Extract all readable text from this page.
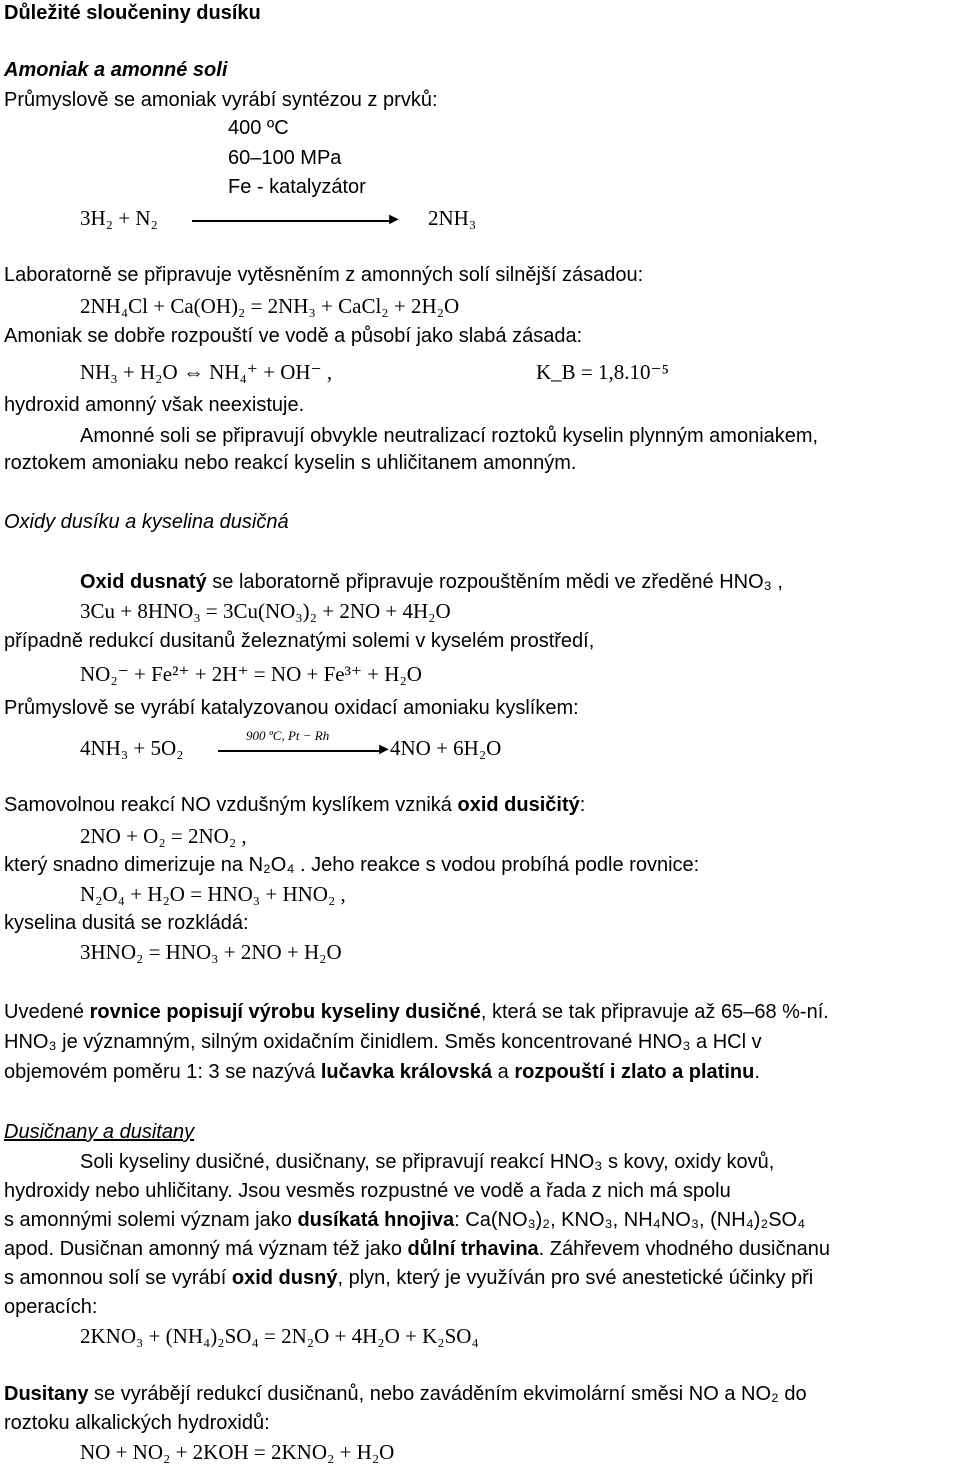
Důležité sloučeniny dusíku
Amoniak a amonné soli
Průmyslově se amoniak vyrábí syntézou z prvků:
400 ºC
60–100 MPa
Fe - katalyzátor
3H₂ + N₂	► 2NH₃
Laboratorně se připravuje vytěsněním z amonných solí silnější zásadou:
2NH₄Cl + Ca(OH)₂ = 2NH₃ + CaCl₂ + 2H₂O
Amoniak se dobře rozpouští ve vodě a působí jako slabá zásada:
NH₃ + H₂O ⇔ NH₄⁺ + OH⁻ ,	K_B = 1,8.10⁻⁵
hydroxid amonný však neexistuje.
Amonné soli se připravují obvykle neutralizací roztoků kyselin plynným amoniakem,
roztokem amoniaku nebo reakcí kyselin s uhličitanem amonným.
Oxidy dusíku a kyselina dusičná
Oxid dusnatý se laboratorně připravuje rozpouštěním mědi ve zředěné HNO₃ ,
3Cu + 8HNO₃ = 3Cu(NO₃)₂ + 2NO + 4H₂O
případně redukcí dusitanů železnatými solemi v kyselém prostředí,
NO₂⁻ + Fe²⁺ + 2H⁺ = NO + Fe³⁺ + H₂O
Průmyslově se vyrábí katalyzovanou oxidací amoniaku kyslíkem:
4NH₃ + 5O₂
900 ºC, Pt − Rh
►
4NO + 6H₂O
Samovolnou reakcí NO vzdušným kyslíkem vzniká oxid dusičitý:
2NO + O₂ = 2NO₂ ,
který snadno dimerizuje na N₂O₄ . Jeho reakce s vodou probíhá podle rovnice:
N₂O₄ + H₂O = HNO₃ + HNO₂ ,
kyselina dusitá se rozkládá:
3HNO₂ = HNO₃ + 2NO + H₂O
Uvedené rovnice popisují výrobu kyseliny dusičné, která se tak připravuje až 65–68 %-ní.
HNO₃ je významným, silným oxidačním činidlem. Směs koncentrované HNO₃ a HCl v
objemovém poměru 1: 3 se nazývá lučavka královská a rozpouští i zlato a platinu.
Dusičnany a dusitany
Soli kyseliny dusičné, dusičnany, se připravují reakcí HNO₃ s kovy, oxidy kovů,
hydroxidy nebo uhličitany. Jsou vesměs rozpustné ve vodě a řada z nich má spolu
s amonnými solemi význam jako dusíkatá hnojiva: Ca(NO₃)₂, KNO₃, NH₄NO₃, (NH₄)₂SO₄
apod. Dusičnan amonný má význam též jako důlní trhavina. Záhřevem vhodného dusičnanu
s amonnou solí se vyrábí oxid dusný, plyn, který je využíván pro své anestetické účinky při
operacích:
2KNO₃ + (NH₄)₂SO₄ = 2N₂O + 4H₂O + K₂SO₄
Dusitany se vyrábějí redukcí dusičnanů, nebo zaváděním ekvimolární směsi NO a NO₂ do
roztoku alkalických hydroxidů:
NO + NO₂ + 2KOH = 2KNO₂ + H₂O
